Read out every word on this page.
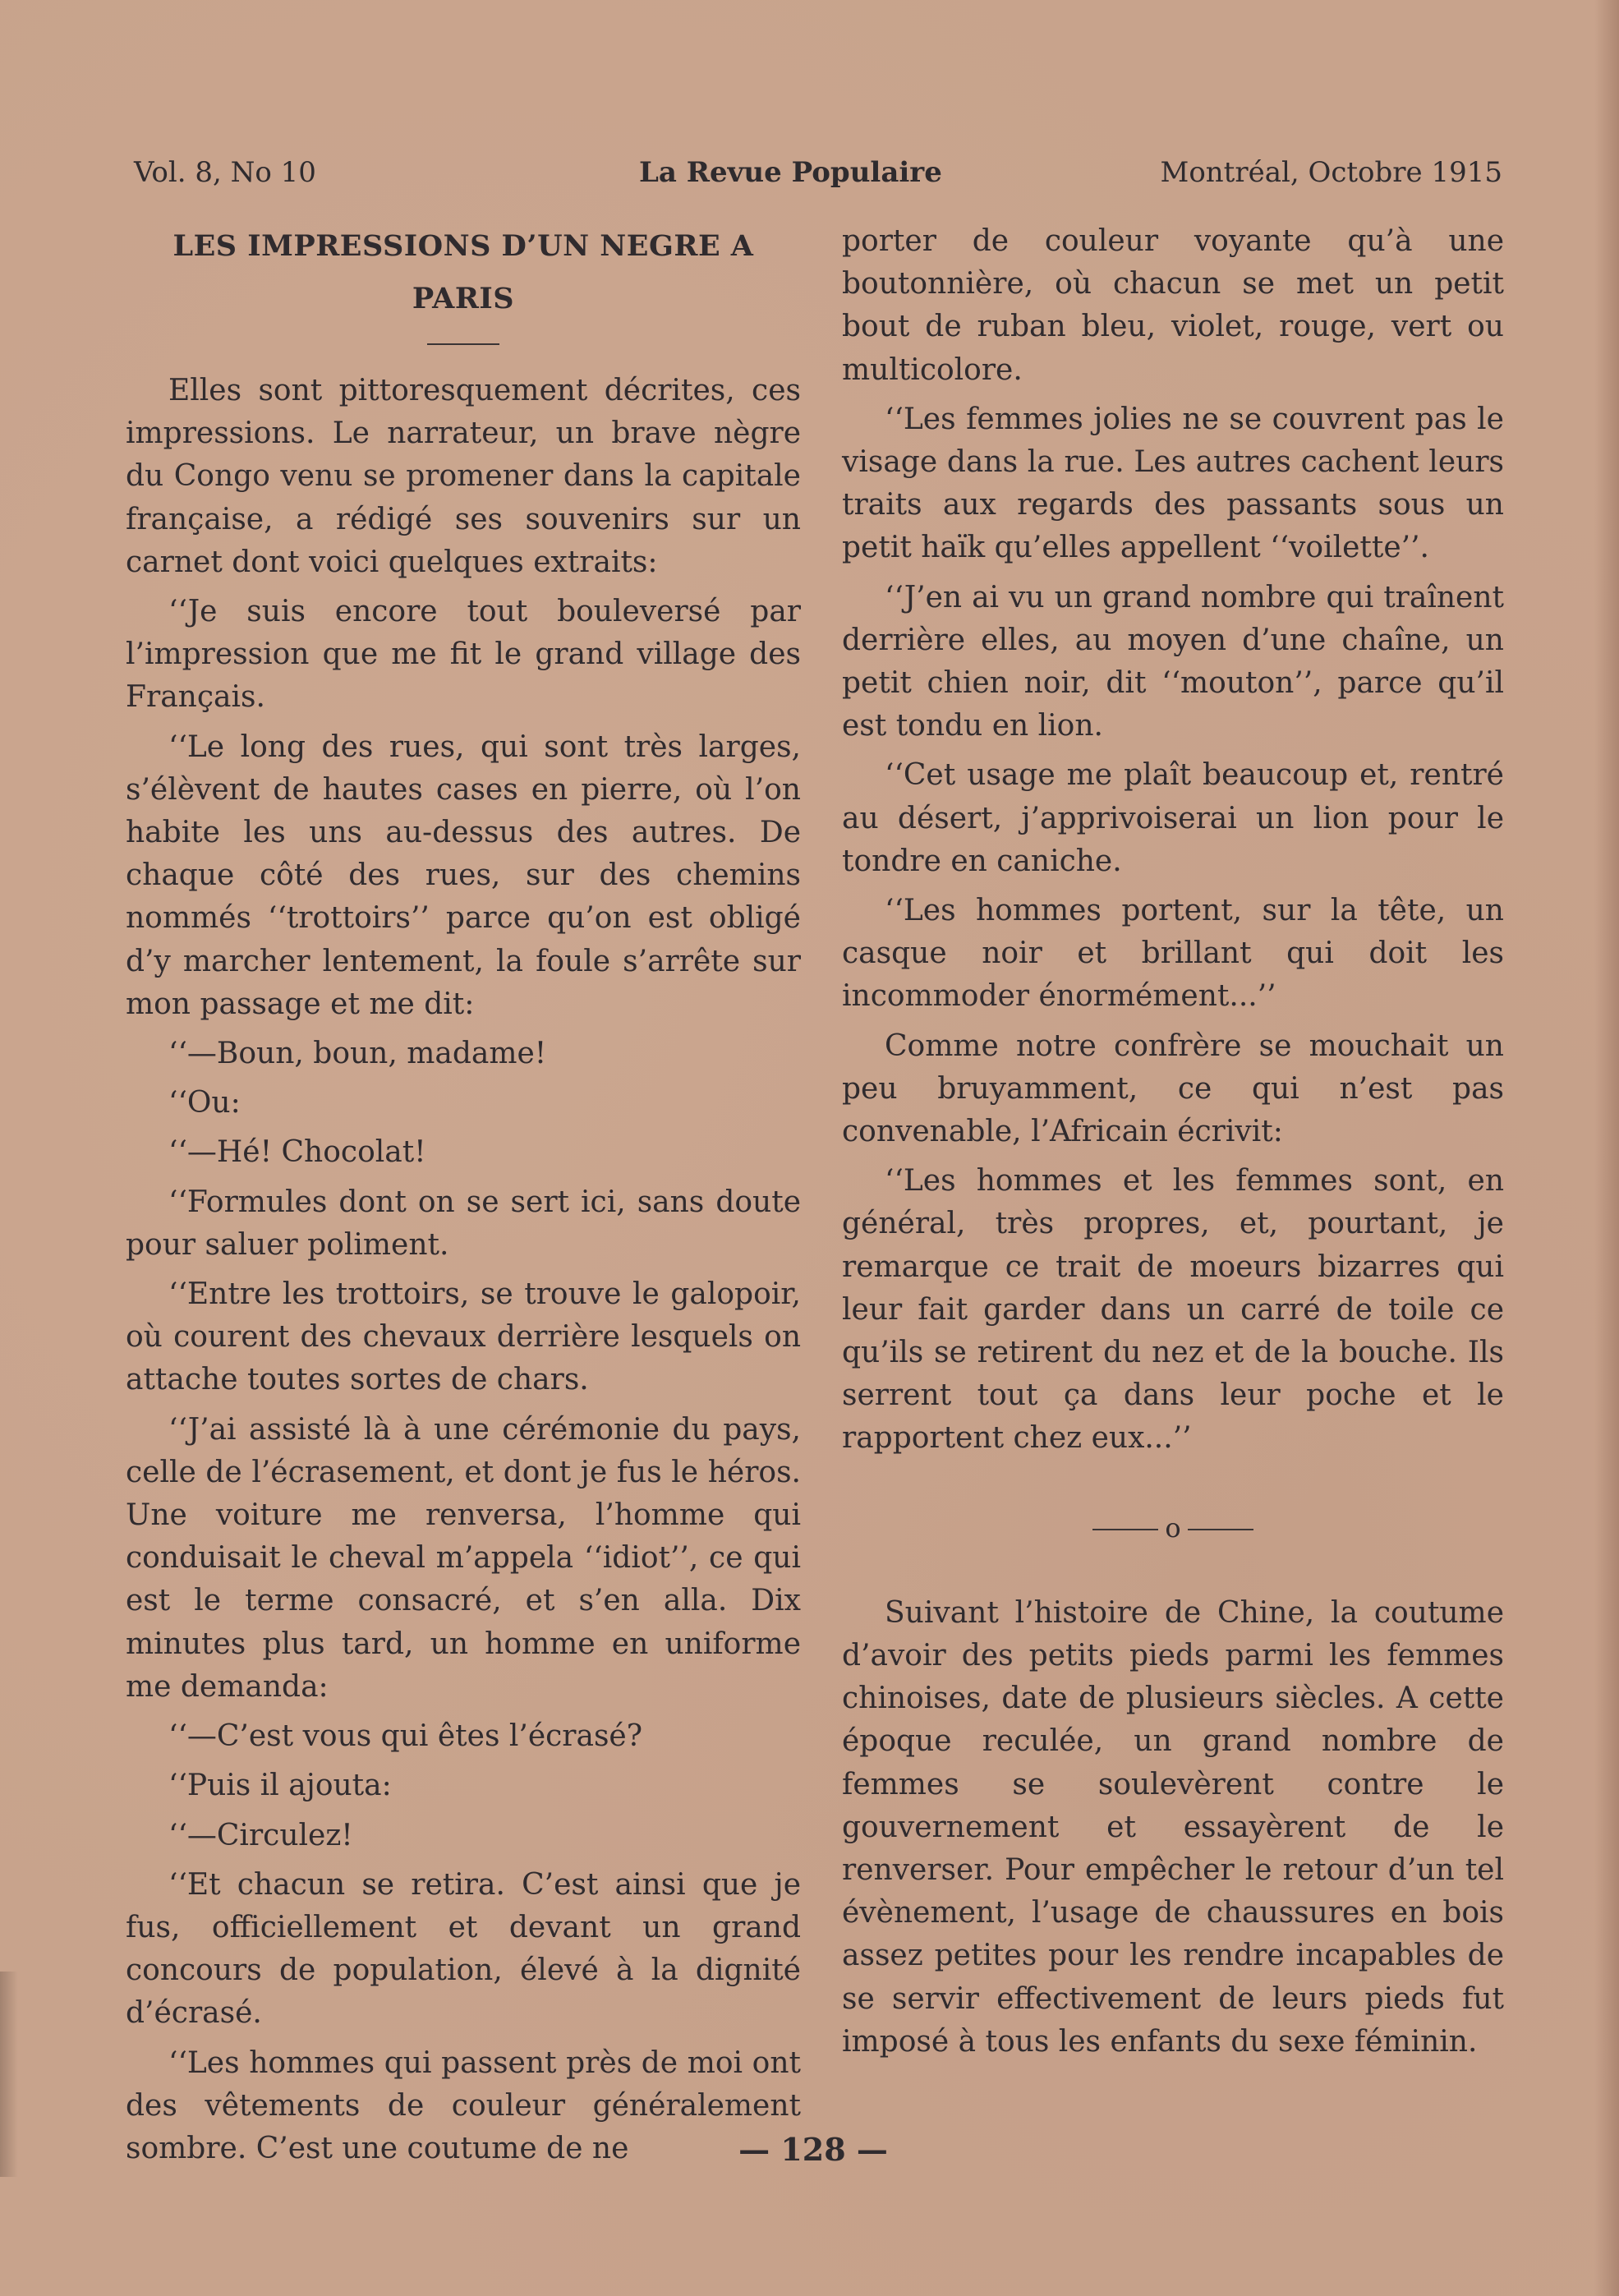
Vol. 8, No 10	La Revue Populaire	Montréal, Octobre 1915
LES IMPRESSIONS D’UN NEGRE A
PARIS

Elles sont pittoresquement décrites, ces impressions. Le narrateur, un brave nègre du Congo venu se promener dans la capitale française, a rédigé ses souvenirs sur un carnet dont voici quelques extraits:

‘‘Je suis encore tout bouleversé par l’impression que me fit le grand village des Français.

‘‘Le long des rues, qui sont très larges, s’élèvent de hautes cases en pierre, où l’on habite les uns au-dessus des autres. De chaque côté des rues, sur des chemins nommés ‘‘trottoirs’’ parce qu’on est obligé d’y marcher lentement, la foule s’arrête sur mon passage et me dit:

‘‘—Boun, boun, madame!

‘‘Ou:

‘‘—Hé! Chocolat!

‘‘Formules dont on se sert ici, sans doute pour saluer poliment.

‘‘Entre les trottoirs, se trouve le galopoir, où courent des chevaux derrière lesquels on attache toutes sortes de chars.

‘‘J’ai assisté là à une cérémonie du pays, celle de l’écrasement, et dont je fus le héros. Une voiture me renversa, l’homme qui conduisait le cheval m’appela ‘‘idiot’’, ce qui est le terme consacré, et s’en alla. Dix minutes plus tard, un homme en uniforme me demanda:

‘‘—C’est vous qui êtes l’écrasé?

‘‘Puis il ajouta:

‘‘—Circulez!

‘‘Et chacun se retira. C’est ainsi que je fus, officiellement et devant un grand concours de population, élevé à la dignité d’écrasé.

‘‘Les hommes qui passent près de moi ont des vêtements de couleur généralement sombre. C’est une coutume de ne

porter de couleur voyante qu’à une boutonnière, où chacun se met un petit bout de ruban bleu, violet, rouge, vert ou multicolore.

‘‘Les femmes jolies ne se couvrent pas le visage dans la rue. Les autres cachent leurs traits aux regards des passants sous un petit haïk qu’elles appellent ‘‘voilette’’.

‘‘J’en ai vu un grand nombre qui traînent derrière elles, au moyen d’une chaîne, un petit chien noir, dit ‘‘mouton’’, parce qu’il est tondu en lion.

‘‘Cet usage me plaît beaucoup et, rentré au désert, j’apprivoiserai un lion pour le tondre en caniche.

‘‘Les hommes portent, sur la tête, un casque noir et brillant qui doit les incommoder énormément...’’

Comme notre confrère se mouchait un peu bruyamment, ce qui n’est pas convenable, l’Africain écrivit:

‘‘Les hommes et les femmes sont, en général, très propres, et, pourtant, je remarque ce trait de moeurs bizarres qui leur fait garder dans un carré de toile ce qu’ils se retirent du nez et de la bouche. Ils serrent tout ça dans leur poche et le rapportent chez eux...’’

o

Suivant l’histoire de Chine, la coutume d’avoir des petits pieds parmi les femmes chinoises, date de plusieurs siècles. A cette époque reculée, un grand nombre de femmes se soulevèrent contre le gouvernement et essayèrent de le renverser. Pour empêcher le retour d’un tel évènement, l’usage de chaussures en bois assez petites pour les rendre incapables de se servir effectivement de leurs pieds fut imposé à tous les enfants du sexe féminin.

— 128 —
